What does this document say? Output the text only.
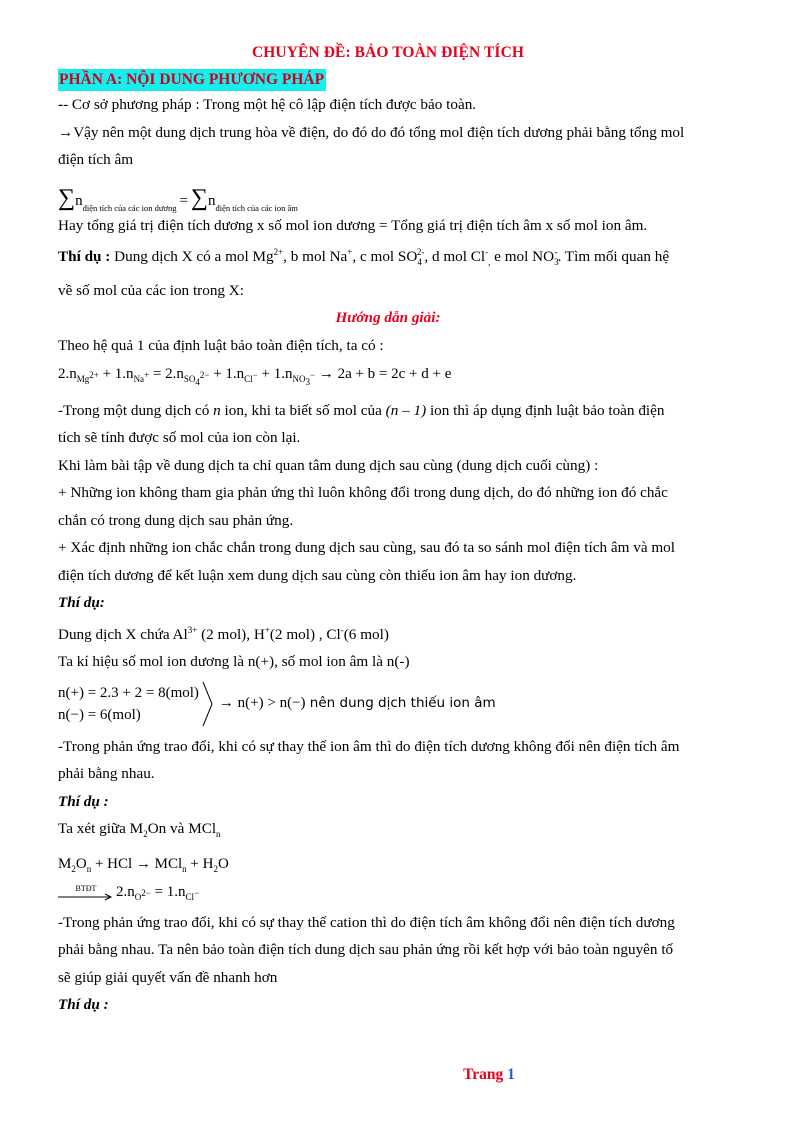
CHUYÊN ĐỀ: BẢO TOÀN ĐIỆN TÍCH
PHẦN A: NỘI DUNG PHƯƠNG PHÁP

-- Cơ sở phương pháp : Trong một hệ cô lập điện tích được bảo toàn.

→Vậy nên một dung dịch trung hòa về điện, do đó do đó tổng mol điện tích dương phải bằng tổng mol

điện tích âm

∑ n điện tích của các ion dương = ∑ n điện tích của các ion âm

Hay tổng giá trị điện tích dương x số mol ion dương = Tổng giá trị điện tích âm x số mol ion âm.

Thí dụ : Dung dịch X có a mol $Mg^{2+}$, b mol Na+, c mol $SO_4^{2-}$, d mol $Cl^-_,$ e mol $NO_3^-$. Tìm mối quan hệ

về số mol của các ion trong X:

Hướng dẫn giải:

Theo hệ quả 1 của định luật bảo toàn điện tích, ta có :

$2.n_{Mg^{2+}} + 1.n_{Na^+} = 2.n_{SO_4^{2-}} + 1.n_{Cl^-} + 1.n_{NO_3^-} \to 2a + b = 2c + d + e$

-Trong một dung dịch có n ion, khi ta biết số mol của (n – 1) ion thì áp dụng định luật bảo toàn điện

tích sẽ tính được số mol của ion còn lại.

Khi làm bài tập về dung dịch ta chỉ quan tâm dung dịch sau cùng (dung dịch cuối cùng) :

+ Những ion không tham gia phản ứng thì luôn không đổi trong dung dịch, do đó những ion đó chắc

chắn có trong dung dịch sau phản ứng.

+ Xác định những ion chắc chắn trong dung dịch sau cùng, sau đó ta so sánh mol điện tích âm và mol

điện tích dương để kết luận xem dung dịch sau cùng còn thiếu ion âm hay ion dương.

Thí dụ:

Dung dịch X chứa $Al^{3+}$ (2 mol), H+(2 mol) , Cl-(6 mol)

Ta kí hiệu số mol ion dương là n(+), số mol ion âm là n(-)

n(+) = 2.3 + 2 = 8(mol)
n(−) = 6(mol)
→ n(+) > n(−) nên dung dịch thiếu ion âm

-Trong phản ứng trao đổi, khi có sự thay thế ion âm thì do điện tích dương không đổi nên điện tích âm

phải bằng nhau.

Thí dụ :

Ta xét giữa $M_2On$ và MCl$_n$

$M_2O_n$ + HCl → $MCl_n + H_2O$

BTĐT $2.n_{O^{2-}} = 1.n_{Cl^-}$

-Trong phản ứng trao đổi, khi có sự thay thế cation thì do điện tích âm không đổi nên điện tích dương

phải bằng nhau. Ta nên bảo toàn điện tích dung dịch sau phản ứng rồi kết hợp với bảo toàn nguyên tố

sẽ giúp giải quyết vấn đề nhanh hơn

Thí dụ :

Trang 1
